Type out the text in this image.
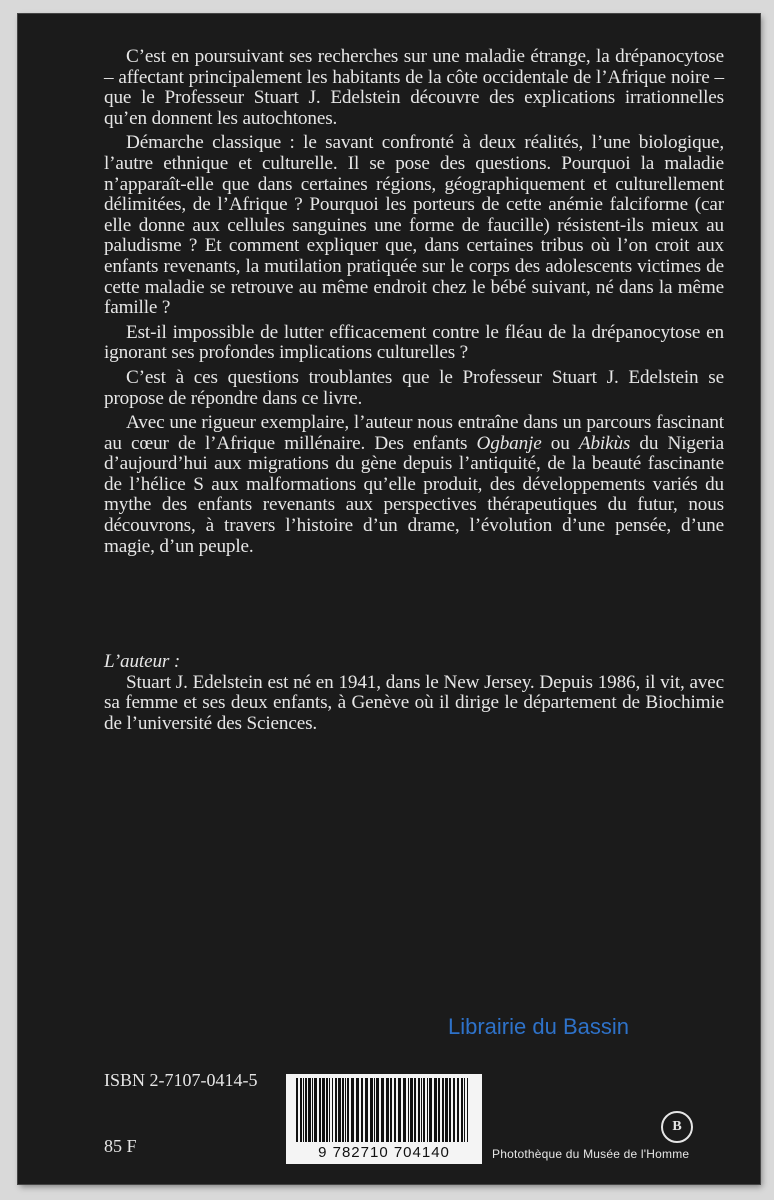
C’est en poursuivant ses recherches sur une maladie étrange, la drépanocytose – affectant principalement les habitants de la côte occidentale de l’Afrique noire – que le Professeur Stuart J. Edelstein découvre des explications irrationnelles qu’en donnent les autochtones.

Démarche classique : le savant confronté à deux réalités, l’une biologique, l’autre ethnique et culturelle. Il se pose des questions. Pourquoi la maladie n’apparaît-elle que dans certaines régions, géographiquement et culturellement délimitées, de l’Afrique ? Pourquoi les porteurs de cette anémie falciforme (car elle donne aux cellules sanguines une forme de faucille) résistent-ils mieux au paludisme ? Et comment expliquer que, dans certaines tribus où l’on croit aux enfants revenants, la mutilation pratiquée sur le corps des adolescents victimes de cette maladie se retrouve au même endroit chez le bébé suivant, né dans la même famille ?

Est-il impossible de lutter efficacement contre le fléau de la drépanocytose en ignorant ses profondes implications culturelles ?

C’est à ces questions troublantes que le Professeur Stuart J. Edelstein se propose de répondre dans ce livre.

Avec une rigueur exemplaire, l’auteur nous entraîne dans un parcours fascinant au cœur de l’Afrique millénaire. Des enfants Ogbanje ou Abikùs du Nigeria d’aujourd’hui aux migrations du gène depuis l’antiquité, de la beauté fascinante de l’hélice S aux malformations qu’elle produit, des développements variés du mythe des enfants revenants aux perspectives thérapeutiques du futur, nous découvrons, à travers l’histoire d’un drame, l’évolution d’une pensée, d’une magie, d’un peuple.

L’auteur :

Stuart J. Edelstein est né en 1941, dans le New Jersey. Depuis 1986, il vit, avec sa femme et ses deux enfants, à Genève où il dirige le département de Biochimie de l’université des Sciences.

Librairie du Bassin
ISBN 2-7107-0414-5
85 F	9 782710 704140
B
Photothèque du Musée de l'Homme
